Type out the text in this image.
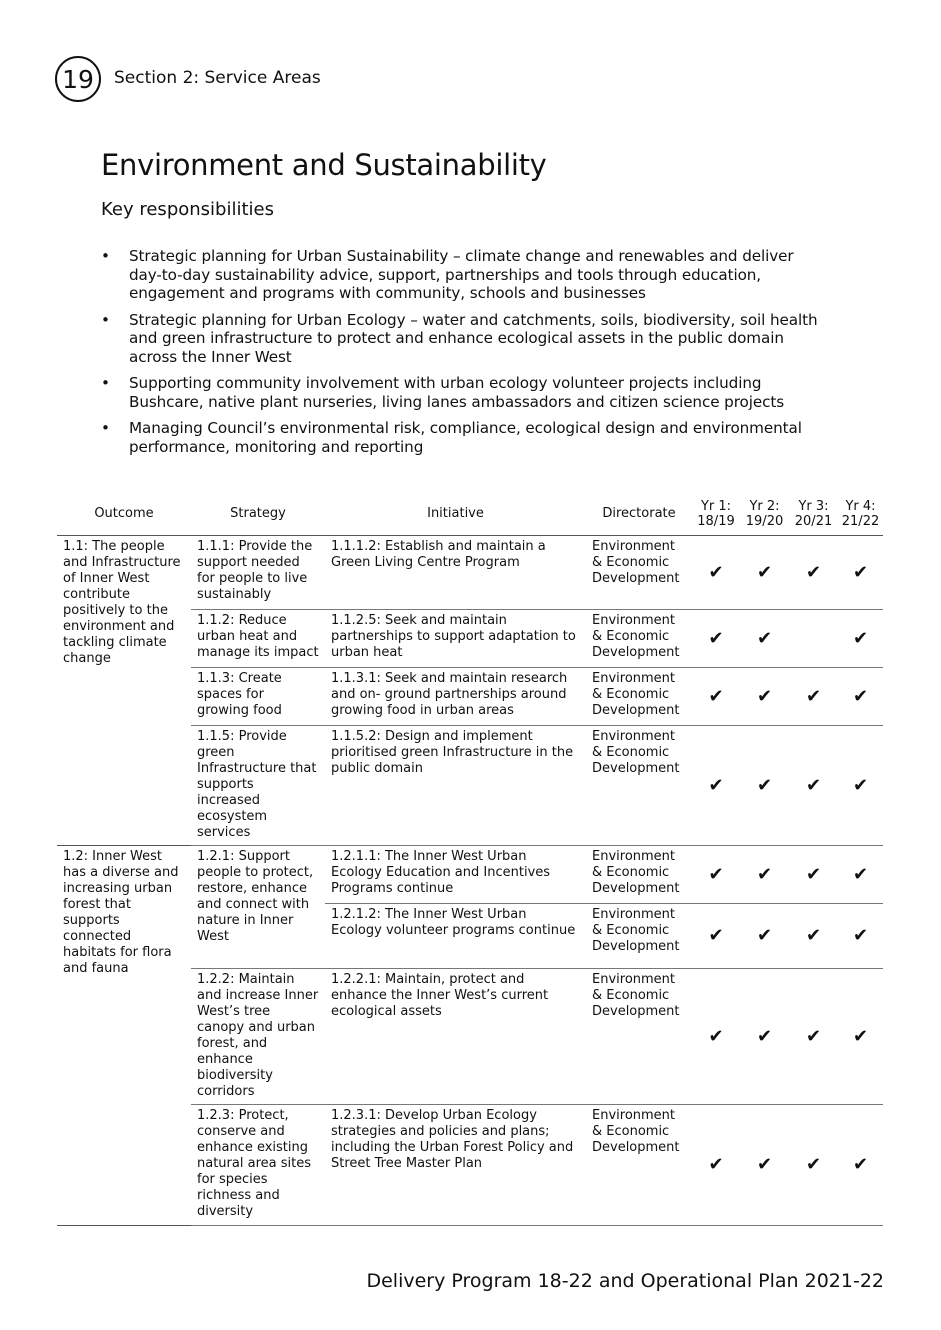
19	Section 2: Service Areas
Environment and Sustainability
Key responsibilities
• Strategic planning for Urban Sustainability – climate change and renewables and deliver day-to-day sustainability advice, support, partnerships and tools through education, engagement and programs with community, schools and businesses
• Strategic planning for Urban Ecology – water and catchments, soils, biodiversity, soil health and green infrastructure to protect and enhance ecological assets in the public domain across the Inner West
• Supporting community involvement with urban ecology volunteer projects including Bushcare, native plant nurseries, living lanes ambassadors and citizen science projects
• Managing Council’s environmental risk, compliance, ecological design and environmental performance, monitoring and reporting
Outcome	Strategy	Initiative	Directorate	Yr 1: 18/19	Yr 2: 19/20	Yr 3: 20/21	Yr 4: 21/22
1.1: The people and Infrastructure of Inner West contribute positively to the environment and tackling climate change	1.1.1: Provide the support needed for people to live sustainably	1.1.1.2: Establish and maintain a Green Living Centre Program	Environment & Economic Development	✔	✔	✔	✔
	1.1.2: Reduce urban heat and manage its impact	1.1.2.5: Seek and maintain partnerships to support adaptation to urban heat	Environment & Economic Development	✔	✔		✔
	1.1.3: Create spaces for growing food	1.1.3.1: Seek and maintain research and on- ground partnerships around growing food in urban areas	Environment & Economic Development	✔	✔	✔	✔
	1.1.5: Provide green Infrastructure that supports increased ecosystem services	1.1.5.2: Design and implement prioritised green Infrastructure in the public domain	Environment & Economic Development	✔	✔	✔	✔
1.2: Inner West has a diverse and increasing urban forest that supports connected habitats for flora and fauna	1.2.1: Support people to protect, restore, enhance and connect with nature in Inner West	1.2.1.1: The Inner West Urban Ecology Education and Incentives Programs continue	Environment & Economic Development	✔	✔	✔	✔
		1.2.1.2: The Inner West Urban Ecology volunteer programs continue	Environment & Economic Development	✔	✔	✔	✔
	1.2.2: Maintain and increase Inner West’s tree canopy and urban forest, and enhance biodiversity corridors	1.2.2.1: Maintain, protect and enhance the Inner West’s current ecological assets	Environment & Economic Development	✔	✔	✔	✔
	1.2.3: Protect, conserve and enhance existing natural area sites for species richness and diversity	1.2.3.1: Develop Urban Ecology strategies and policies and plans; including the Urban Forest Policy and Street Tree Master Plan	Environment & Economic Development	✔	✔	✔	✔
Delivery Program 18-22 and Operational Plan 2021-22
